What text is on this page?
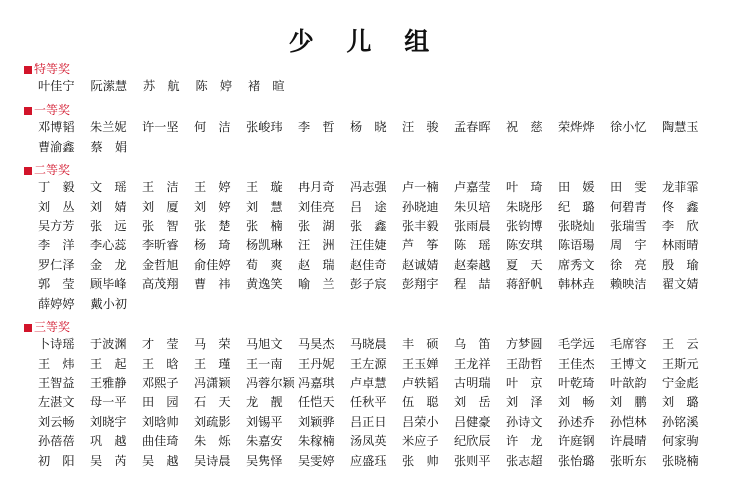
少 儿 组
特等奖
叶佳宁	阮潆慧	苏　航	陈　婷	褚　暄
一等奖
邓博韬	朱兰妮	许一坚	何　洁	张峻玮	李　哲	杨　晓	汪　骏	孟春晖	祝　慈	荣烨烨	徐小忆	陶慧玉
曹渝鑫	蔡　娟
二等奖
丁　毅	文　瑶	王　洁	王　婷	王　璇	冉月奇	冯志强	卢一楠	卢嘉莹	叶　琦	田　媛	田　雯	龙菲霏
刘　丛	刘　婧	刘　厦	刘　婷	刘　慧	刘佳亮	吕　途	孙晓迪	朱贝培	朱晓彤	纪　璐	何碧青	佟　鑫
吴方芳	张　远	张　智	张　楚	张　楠	张　湖	张　鑫	张丰毅	张雨晨	张钧博	张晓灿	张瑞雪	李　欣
李　洋	李心蕊	李昕睿	杨　琦	杨凯琳	汪　洲	汪佳婕	芦　筝	陈　瑶	陈安琪	陈语瑒	周　宇	林雨晴
罗仁泽	金　龙	金哲旭	俞佳婷	荀　爽	赵　瑞	赵佳奇	赵诚婧	赵秦越	夏　天	席秀文	徐　亮	殷　瑜
郭　莹	顾毕峰	高茂翔	曹　祎	黄逸笑	喻　兰	彭子宸	彭翔宇	程　喆	蒋舒帆	韩林垚	赖映洁	翟文婧
薛婷婷	戴小初
三等奖
卜诗瑶	于波渊	才　莹	马　荣	马旭文	马昊杰	马晓晨	丰　硕	乌　笛	方梦圆	毛学远	毛席容	王　云
王　炜	王　起	王　晗	王　瑾	王一南	王丹妮	王左源	王玉婵	王龙祥	王劭哲	王佳杰	王博文	王斯元
王智益	王雅静	邓熙子	冯潇颖	冯蓉尔颖 冯嘉琪	卢卓慧	卢轶韬	古明瑞	叶　京	叶乾琦	叶歆韵	宁金彪
左湛文	母一平	田　园	石　天	龙　靓	任恺天	任秋平	伍　聪	刘　岳	刘　泽	刘　畅	刘　鹏	刘　璐
刘云畅	刘晓宇	刘晗帅	刘疏影	刘锡平	刘颖骅	吕正日	吕荣小	吕健豪	孙诗文	孙述乔	孙恺林	孙铭溪
孙蓓蓓	巩　越	曲佳琦	朱　烁	朱嘉安	朱稼楠	汤凤英	米应子	纪欣辰	许　龙	许庭钢	许晨晴	何家驹
初　阳	吴　芮	吴　越	吴诗晨	吴隽怿	吴雯婷	应盛珏	张　帅	张则平	张志超	张怡璐	张昕东	张晓楠
